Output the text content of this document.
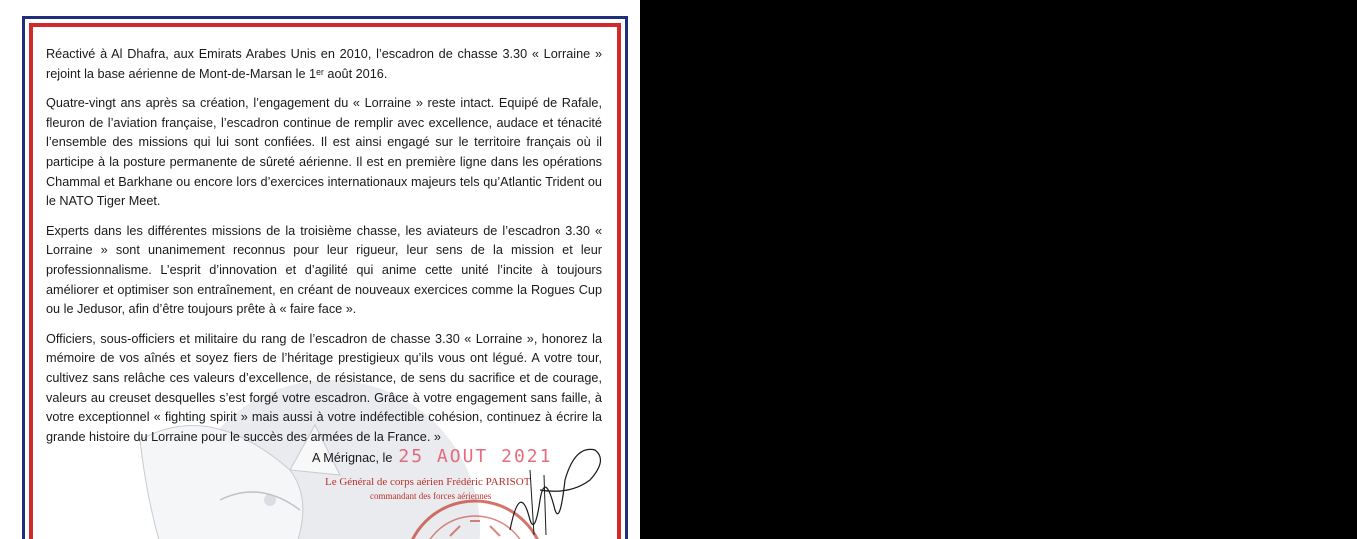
Réactivé à Al Dhafra, aux Emirats Arabes Unis en 2010, l’escadron de chasse 3.30 « Lorraine » rejoint la base aérienne de Mont-de-Marsan le 1ᵉʳ août 2016.

Quatre-vingt ans après sa création, l’engagement du « Lorraine » reste intact. Equipé de Rafale, fleuron de l’aviation française, l’escadron continue de remplir avec excellence, audace et ténacité l’ensemble des missions qui lui sont confiées. Il est ainsi engagé sur le territoire français où il participe à la posture permanente de sûreté aérienne. Il est en première ligne dans les opérations Chammal et Barkhane ou encore lors d’exercices internationaux majeurs tels qu’Atlantic Trident ou le NATO Tiger Meet.

Experts dans les différentes missions de la troisième chasse, les aviateurs de l’escadron 3.30 « Lorraine » sont unanimement reconnus pour leur rigueur, leur sens de la mission et leur professionnalisme. L’esprit d’innovation et d’agilité qui anime cette unité l’incite à toujours améliorer et optimiser son entraînement, en créant de nouveaux exercices comme la Rogues Cup ou le Jedusor, afin d’être toujours prête à « faire face ».

Officiers, sous-officiers et militaire du rang de l’escadron de chasse 3.30 « Lorraine », honorez la mémoire de vos aînés et soyez fiers de l’héritage prestigieux qu’ils vous ont légué. A votre tour, cultivez sans relâche ces valeurs d’excellence, de résistance, de sens du sacrifice et de courage, valeurs au creuset desquelles s’est forgé votre escadron. Grâce à votre engagement sans faille, à votre exceptionnel « fighting spirit » mais aussi à votre indéfectible cohésion, continuez à écrire la grande histoire du Lorraine pour le succès des armées de la France. »

A Mérignac, le 25 AOUT 2021
Le Général de corps aérien Frédéric PARISOT
commandant des forces aériennes
